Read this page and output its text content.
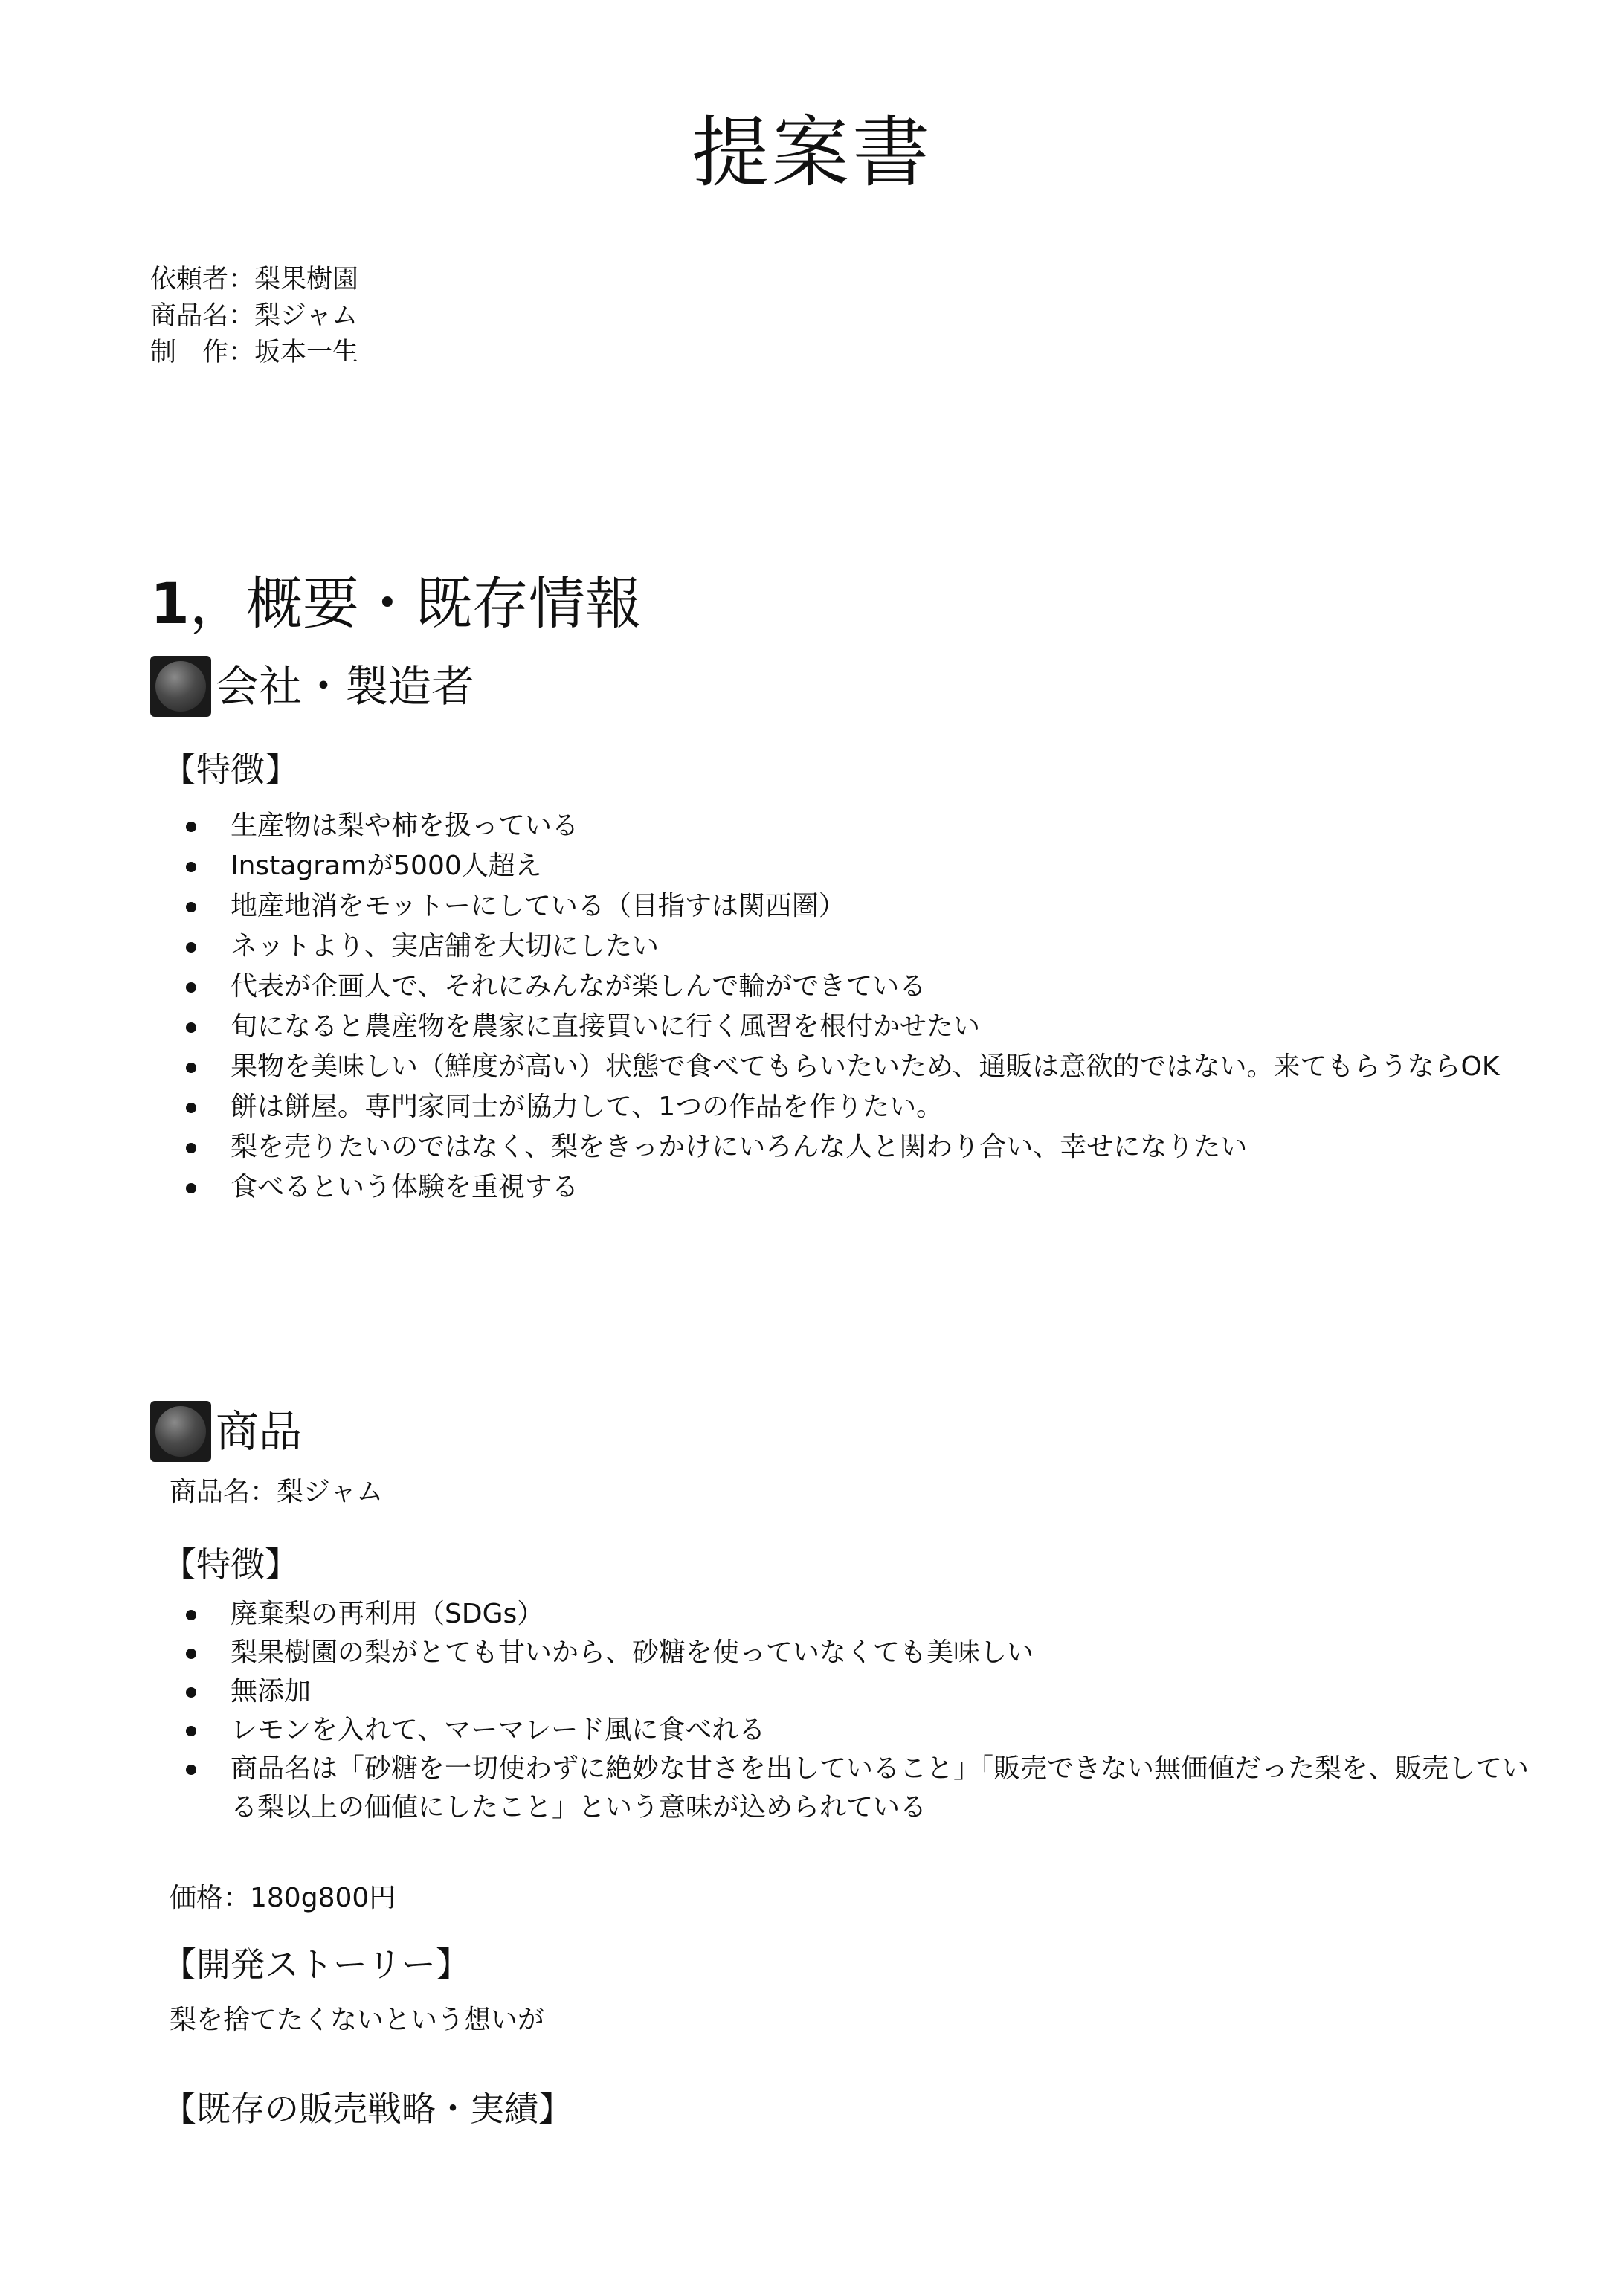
提案書
依頼者：梨果樹園
商品名：梨ジャム
制　作：坂本一生
1，概要・既存情報
会社・製造者
【特徴】
生産物は梨や柿を扱っている
Instagramが5000人超え
地産地消をモットーにしている（目指すは関西圏）
ネットより、実店舗を大切にしたい
代表が企画人で、それにみんなが楽しんで輪ができている
旬になると農産物を農家に直接買いに行く風習を根付かせたい
果物を美味しい（鮮度が高い）状態で食べてもらいたいため、通販は意欲的ではない。来てもらうならOK
餅は餅屋。専門家同士が協力して、1つの作品を作りたい。
梨を売りたいのではなく、梨をきっかけにいろんな人と関わり合い、幸せになりたい
食べるという体験を重視する
商品
商品名：梨ジャム
【特徴】
廃棄梨の再利用（SDGs）
梨果樹園の梨がとても甘いから、砂糖を使っていなくても美味しい
無添加
レモンを入れて、マーマレード風に食べれる
商品名は「砂糖を一切使わずに絶妙な甘さを出していること」「販売できない無価値だった梨を、販売している梨以上の価値にしたこと」という意味が込められている
価格：180g800円
【開発ストーリー】
梨を捨てたくないという想いが
【既存の販売戦略・実績】
